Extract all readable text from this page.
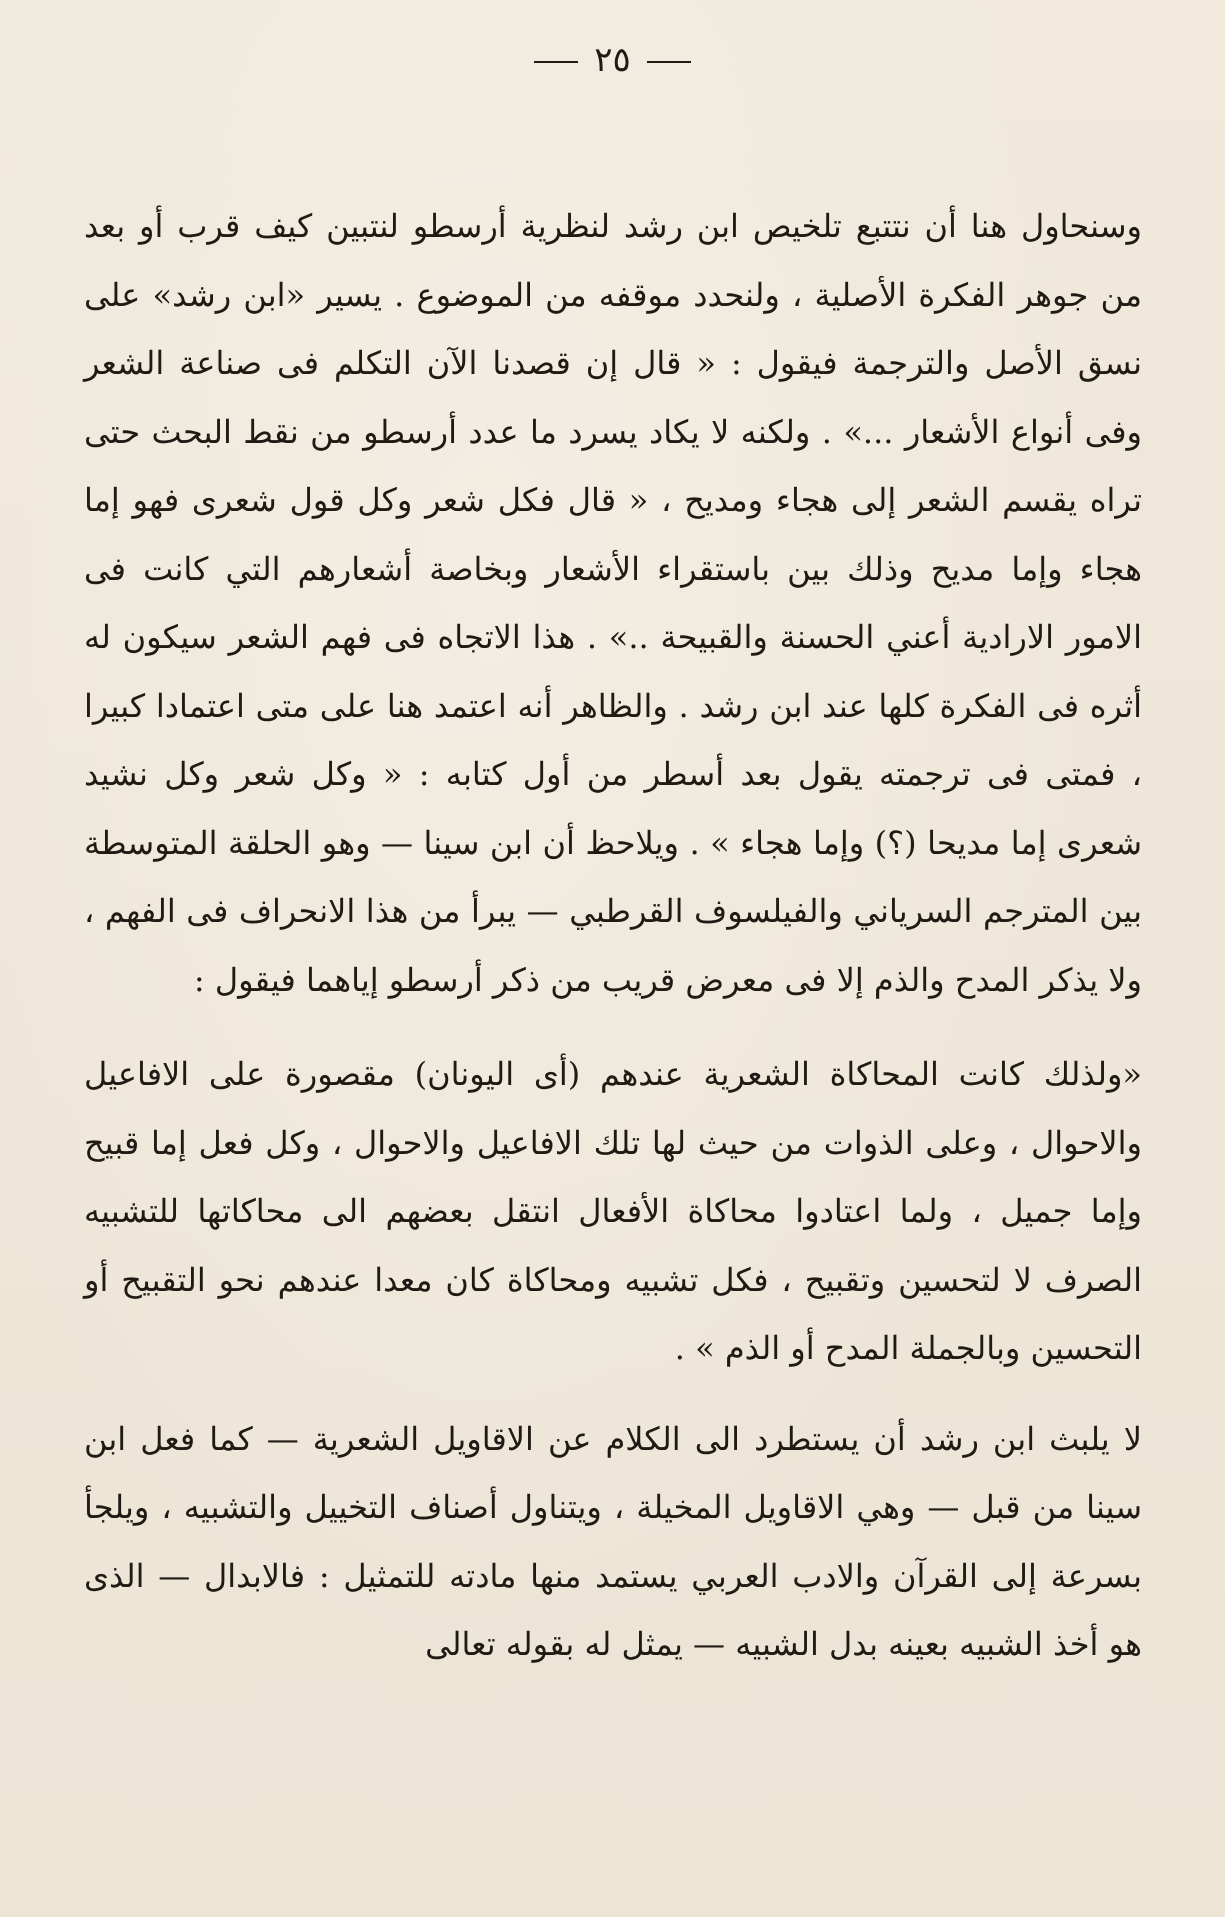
٢٥

وسنحاول هنا أن نتتبع تلخيص ابن رشد لنظرية أرسطو لنتبين كيف قرب أو بعد من جوهر الفكرة الأصلية ، ولنحدد موقفه من الموضوع . يسير «ابن رشد» على نسق الأصل والترجمة فيقول : « قال إن قصدنا الآن التكلم فى صناعة الشعر وفى أنواع الأشعار ...» . ولكنه لا يكاد يسرد ما عدد أرسطو من نقط البحث حتى تراه يقسم الشعر إلى هجاء ومديح ، « قال فكل شعر وكل قول شعرى فهو إما هجاء وإما مديح وذلك بين باستقراء الأشعار وبخاصة أشعارهم التي كانت فى الامور الارادية أعني الحسنة والقبيحة ..» . هذا الاتجاه فى فهم الشعر سيكون له أثره فى الفكرة كلها عند ابن رشد . والظاهر أنه اعتمد هنا على متى اعتمادا كبيرا ، فمتى فى ترجمته يقول بعد أسطر من أول كتابه : « وكل شعر وكل نشيد شعرى إما مديحا (؟) وإما هجاء » . ويلاحظ أن ابن سينا — وهو الحلقة المتوسطة بين المترجم السرياني والفيلسوف القرطبي — يبرأ من هذا الانحراف فى الفهم ، ولا يذكر المدح والذم إلا فى معرض قريب من ذكر أرسطو إياهما فيقول :

«ولذلك كانت المحاكاة الشعرية عندهم (أى اليونان) مقصورة على الافاعيل والاحوال ، وعلى الذوات من حيث لها تلك الافاعيل والاحوال ، وكل فعل إما قبيح وإما جميل ، ولما اعتادوا محاكاة الأفعال انتقل بعضهم الى محاكاتها للتشبيه الصرف لا لتحسين وتقبيح ، فكل تشبيه ومحاكاة كان معدا عندهم نحو التقبيح أو التحسين وبالجملة المدح أو الذم » .

لا يلبث ابن رشد أن يستطرد الى الكلام عن الاقاويل الشعرية — كما فعل ابن سينا من قبل — وهي الاقاويل المخيلة ، ويتناول أصناف التخييل والتشبيه ، ويلجأ بسرعة إلى القرآن والادب العربي يستمد منها مادته للتمثيل : فالابدال — الذى هو أخذ الشبيه بعينه بدل الشبيه — يمثل له بقوله تعالى
